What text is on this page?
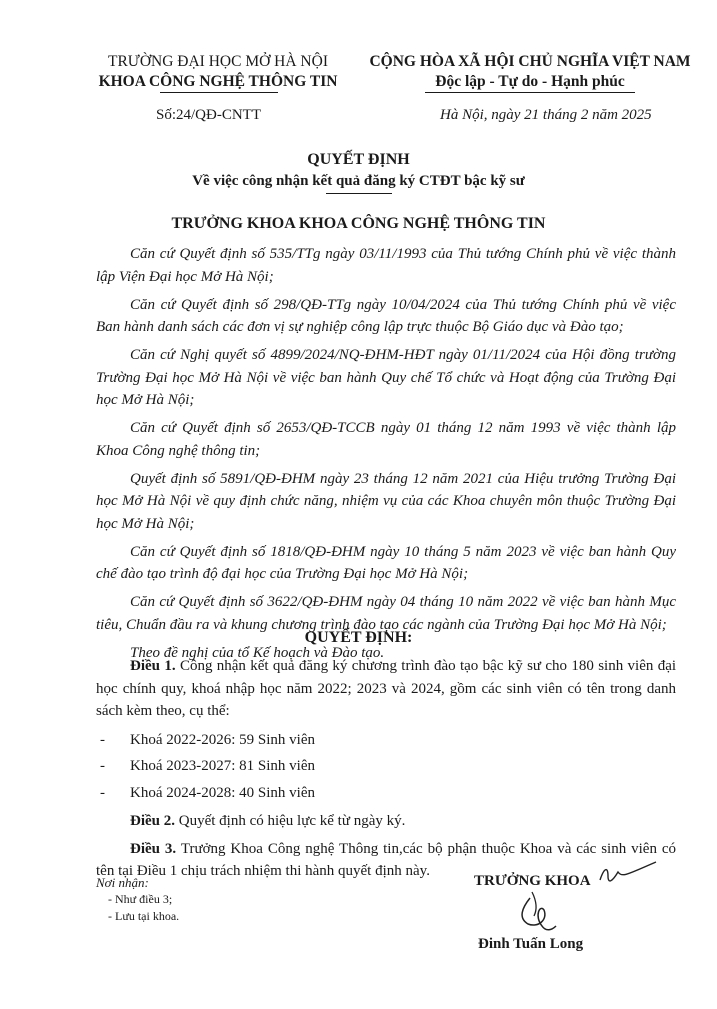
TRƯỜNG ĐẠI HỌC MỞ HÀ NỘI
KHOA CÔNG NGHỆ THÔNG TIN
CỘNG HÒA XÃ HỘI CHỦ NGHĨA VIỆT NAM
Độc lập - Tự do - Hạnh phúc
Số:24/QĐ-CNTT	Hà Nội, ngày 21 tháng 2 năm 2025
QUYẾT ĐỊNH
Về việc công nhận kết quả đăng ký CTĐT bậc kỹ sư
TRƯỞNG KHOA KHOA CÔNG NGHỆ THÔNG TIN

Căn cứ Quyết định số 535/TTg ngày 03/11/1993 của Thủ tướng Chính phủ về việc thành lập Viện Đại học Mở Hà Nội;

Căn cứ Quyết định số 298/QĐ-TTg ngày 10/04/2024 của Thủ tướng Chính phủ về việc Ban hành danh sách các đơn vị sự nghiệp công lập trực thuộc Bộ Giáo dục và Đào tạo;

Căn cứ Nghị quyết số 4899/2024/NQ-ĐHM-HĐT ngày 01/11/2024 của Hội đồng trường Trường Đại học Mở Hà Nội về việc ban hành Quy chế Tổ chức và Hoạt động của Trường Đại học Mở Hà Nội;

Căn cứ Quyết định số 2653/QĐ-TCCB ngày 01 tháng 12 năm 1993 về việc thành lập Khoa Công nghệ thông tin;

Quyết định số 5891/QĐ-ĐHM ngày 23 tháng 12 năm 2021 của Hiệu trưởng Trường Đại học Mở Hà Nội về quy định chức năng, nhiệm vụ của các Khoa chuyên môn thuộc Trường Đại học Mở Hà Nội;

Căn cứ Quyết định số 1818/QĐ-ĐHM ngày 10 tháng 5 năm 2023 về việc ban hành Quy chế đào tạo trình độ đại học của Trường Đại học Mở Hà Nội;

Căn cứ Quyết định số 3622/QĐ-ĐHM ngày 04 tháng 10 năm 2022 về việc ban hành Mục tiêu, Chuẩn đầu ra và khung chương trình đào tạo các ngành của Trường Đại học Mở Hà Nội;

Theo đề nghị của tổ Kế hoạch và Đào tạo.

QUYẾT ĐỊNH:

Điều 1. Công nhận kết quả đăng ký chương trình đào tạo bậc kỹ sư cho 180 sinh viên đại học chính quy, khoá nhập học năm 2022; 2023 và 2024, gồm các sinh viên có tên trong danh sách kèm theo, cụ thể:

- Khoá 2022-2026: 59 Sinh viên
- Khoá 2023-2027: 81 Sinh viên
- Khoá 2024-2028: 40 Sinh viên

Điều 2. Quyết định có hiệu lực kể từ ngày ký.

Điều 3. Trưởng Khoa Công nghệ Thông tin,các bộ phận thuộc Khoa và các sinh viên có tên tại Điều 1 chịu trách nhiệm thi hành quyết định này.

Nơi nhận:
- Như điều 3;
- Lưu tại khoa.
TRƯỞNG KHOA
Đinh Tuấn Long
